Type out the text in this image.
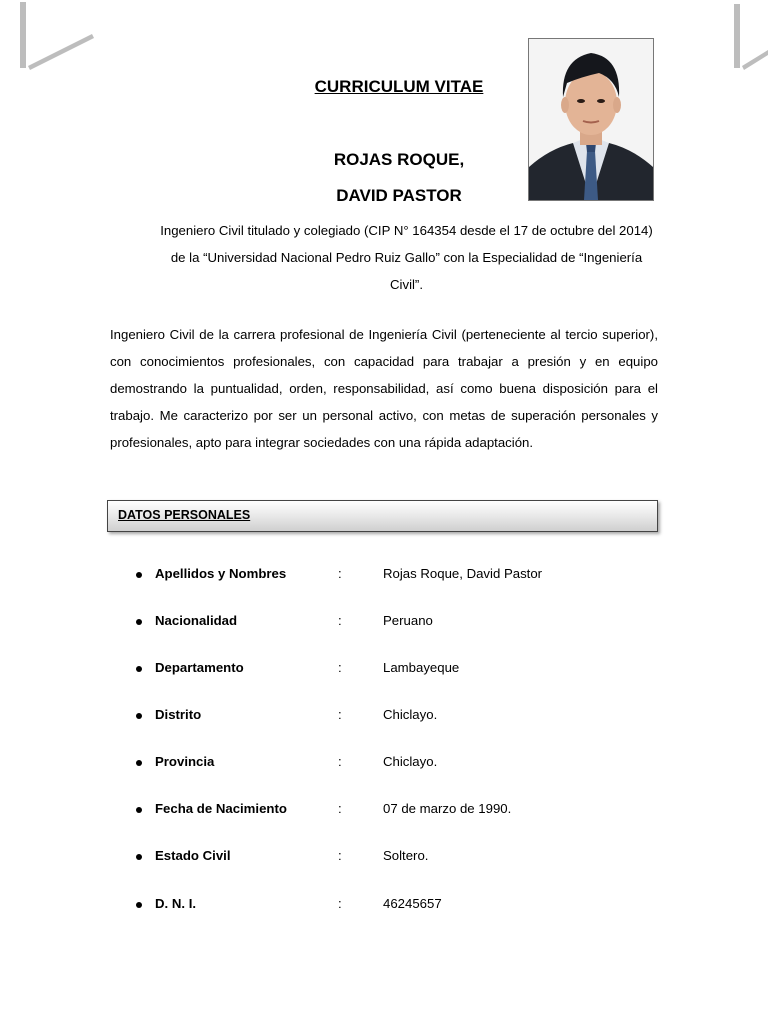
CURRICULUM VITAE
ROJAS ROQUE,
DAVID PASTOR
Ingeniero Civil titulado y colegiado (CIP N° 164354 desde el 17 de octubre del 2014) de la “Universidad Nacional Pedro Ruiz Gallo” con la Especialidad de “Ingeniería Civil”.
Ingeniero Civil de la carrera profesional de Ingeniería Civil (perteneciente al tercio superior), con conocimientos profesionales, con capacidad para trabajar a presión y en equipo demostrando la puntualidad, orden, responsabilidad, así como buena disposición para el trabajo. Me caracterizo por ser un personal activo, con metas de superación personales y profesionales, apto para integrar sociedades con una rápida adaptación.
DATOS PERSONALES
Apellidos y Nombres	:	Rojas Roque, David Pastor
Nacionalidad	:	Peruano
Departamento	:	Lambayeque
Distrito	:	Chiclayo.
Provincia	:	Chiclayo.
Fecha de Nacimiento	:	07 de marzo de 1990.
Estado Civil	:	Soltero.
D. N. I.	:	46245657
